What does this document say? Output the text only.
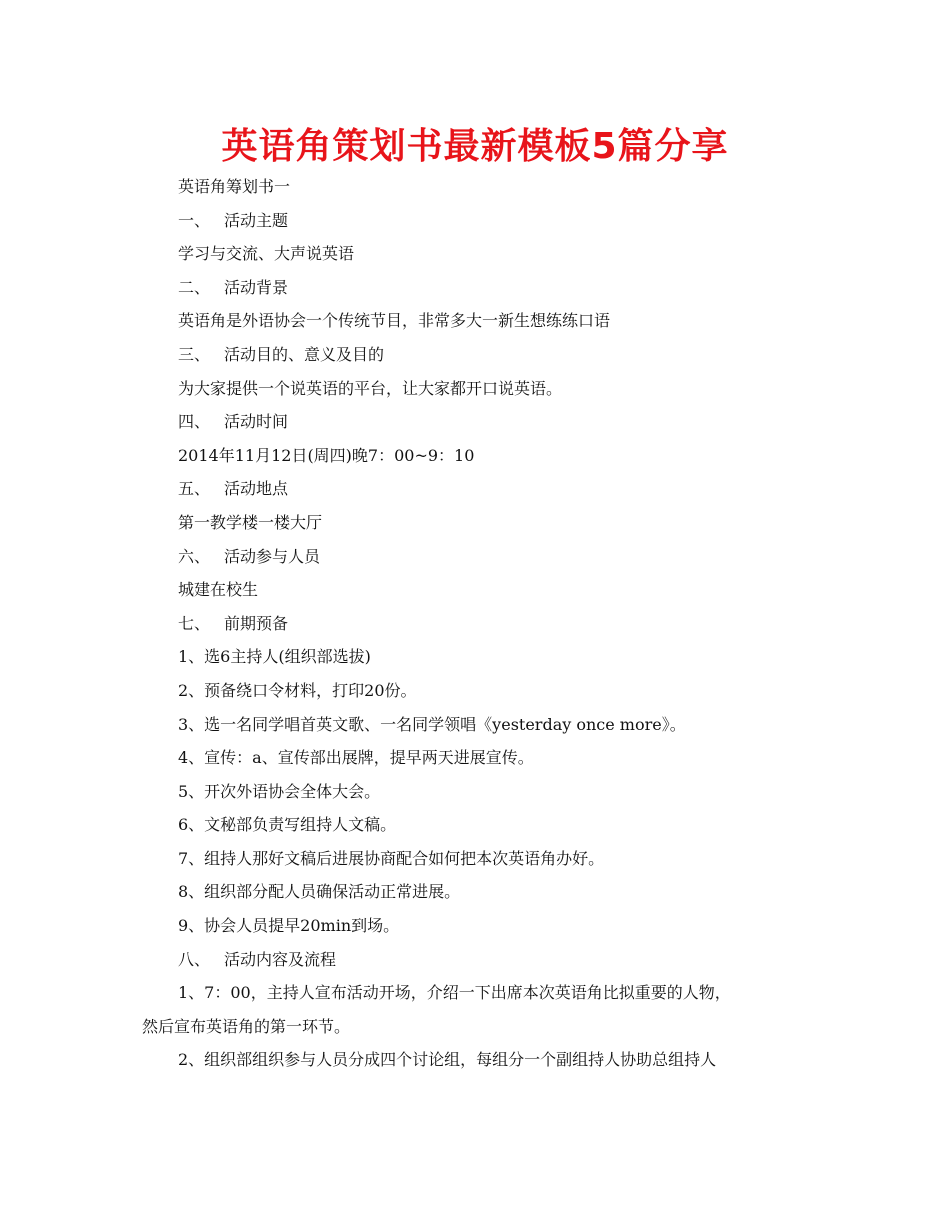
英语角策划书最新模板5篇分享
英语角筹划书一
一、 活动主题
学习与交流、大声说英语
二、 活动背景
英语角是外语协会一个传统节目，非常多大一新生想练练口语
三、 活动目的、意义及目的
为大家提供一个说英语的平台，让大家都开口说英语。
四、 活动时间
2014年11月12日(周四)晚7：00~9：10
五、 活动地点
第一教学楼一楼大厅
六、 活动参与人员
城建在校生
七、 前期预备
1、选6主持人(组织部选拔)
2、预备绕口令材料，打印20份。
3、选一名同学唱首英文歌、一名同学领唱《yesterday once more》。
4、宣传：a、宣传部出展牌，提早两天进展宣传。
5、开次外语协会全体大会。
6、文秘部负责写组持人文稿。
7、组持人那好文稿后进展协商配合如何把本次英语角办好。
8、组织部分配人员确保活动正常进展。
9、协会人员提早20min到场。
八、 活动内容及流程
1、7：00，主持人宣布活动开场，介绍一下出席本次英语角比拟重要的人物，
然后宣布英语角的第一环节。
2、组织部组织参与人员分成四个讨论组，每组分一个副组持人协助总组持人
